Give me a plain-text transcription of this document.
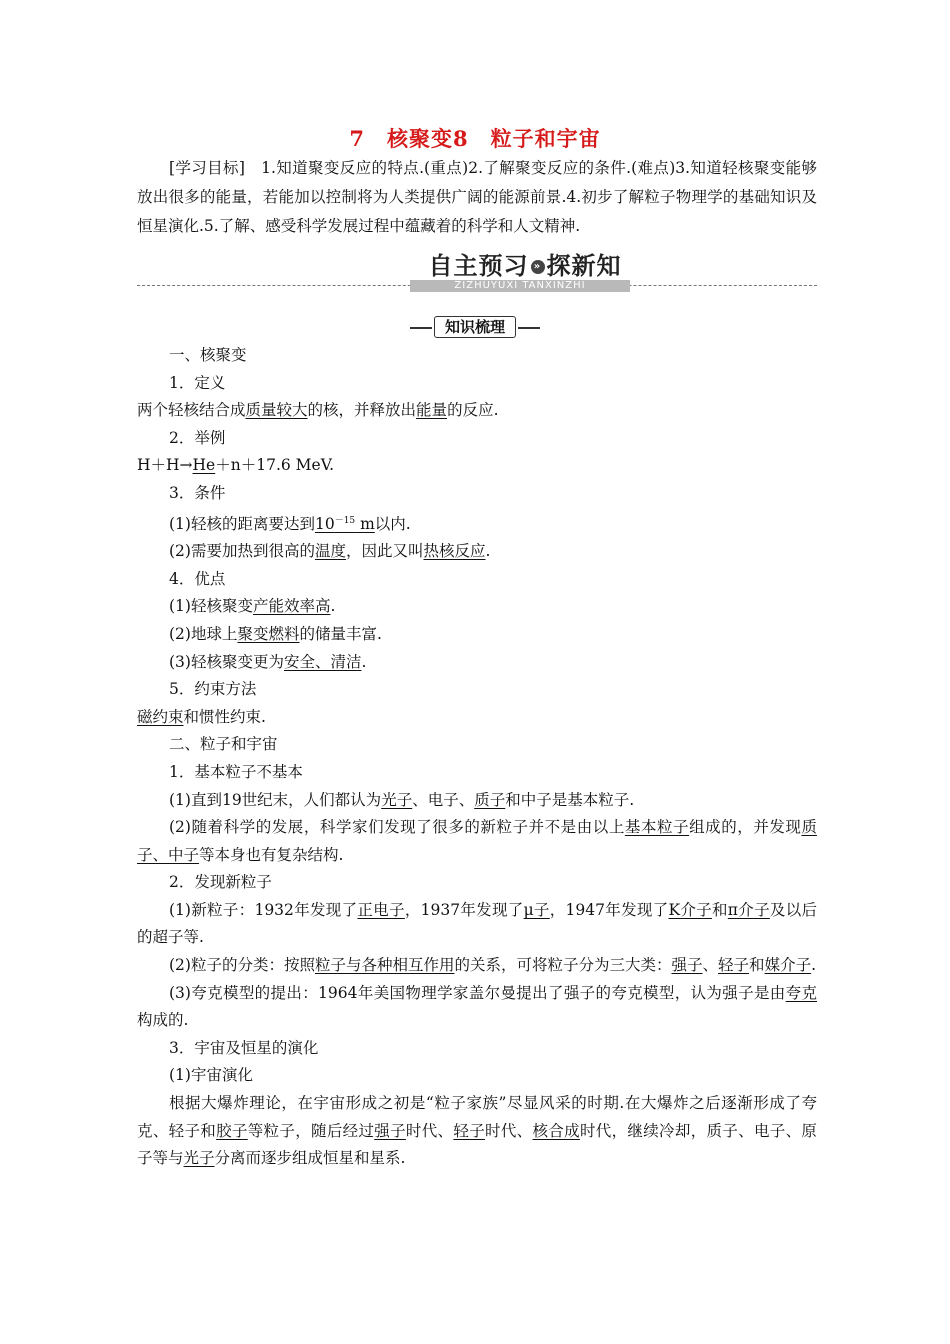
7　核聚变8　粒子和宇宙
[学习目标]　1.知道聚变反应的特点.(重点)2.了解聚变反应的条件.(难点)3.知道轻核聚变能够放出很多的能量，若能加以控制将为人类提供广阔的能源前景.4.初步了解粒子物理学的基础知识及恒星演化.5.了解、感受科学发展过程中蕴藏着的科学和人文精神.
自主预习 » 探新知
ZIZHUYUXI TANXINZHI
知识梳理

一、核聚变

1．定义

两个轻核结合成质量较大的核，并释放出能量的反应.

2．举例

H＋H→He＋n＋17.6 MeV.

3．条件

(1)轻核的距离要达到$10^{-15}$ m以内.

(2)需要加热到很高的温度，因此又叫热核反应.

4．优点

(1)轻核聚变产能效率高.

(2)地球上聚变燃料的储量丰富.

(3)轻核聚变更为安全、清洁.

5．约束方法

磁约束和惯性约束.

二、粒子和宇宙

1．基本粒子不基本

(1)直到19世纪末，人们都认为光子、电子、质子和中子是基本粒子.

(2)随着科学的发展，科学家们发现了很多的新粒子并不是由以上基本粒子组成的，并发现质子、中子等本身也有复杂结构.

2．发现新粒子

(1)新粒子：1932年发现了正电子，1937年发现了μ子，1947年发现了K介子和π介子及以后的超子等.

(2)粒子的分类：按照粒子与各种相互作用的关系，可将粒子分为三大类：强子、轻子和媒介子.

(3)夸克模型的提出：1964年美国物理学家盖尔曼提出了强子的夸克模型，认为强子是由夸克构成的.

3．宇宙及恒星的演化

(1)宇宙演化

根据大爆炸理论，在宇宙形成之初是“粒子家族”尽显风采的时期.在大爆炸之后逐渐形成了夸克、轻子和胶子等粒子，随后经过强子时代、轻子时代、核合成时代，继续冷却，质子、电子、原子等与光子分离而逐步组成恒星和星系.
